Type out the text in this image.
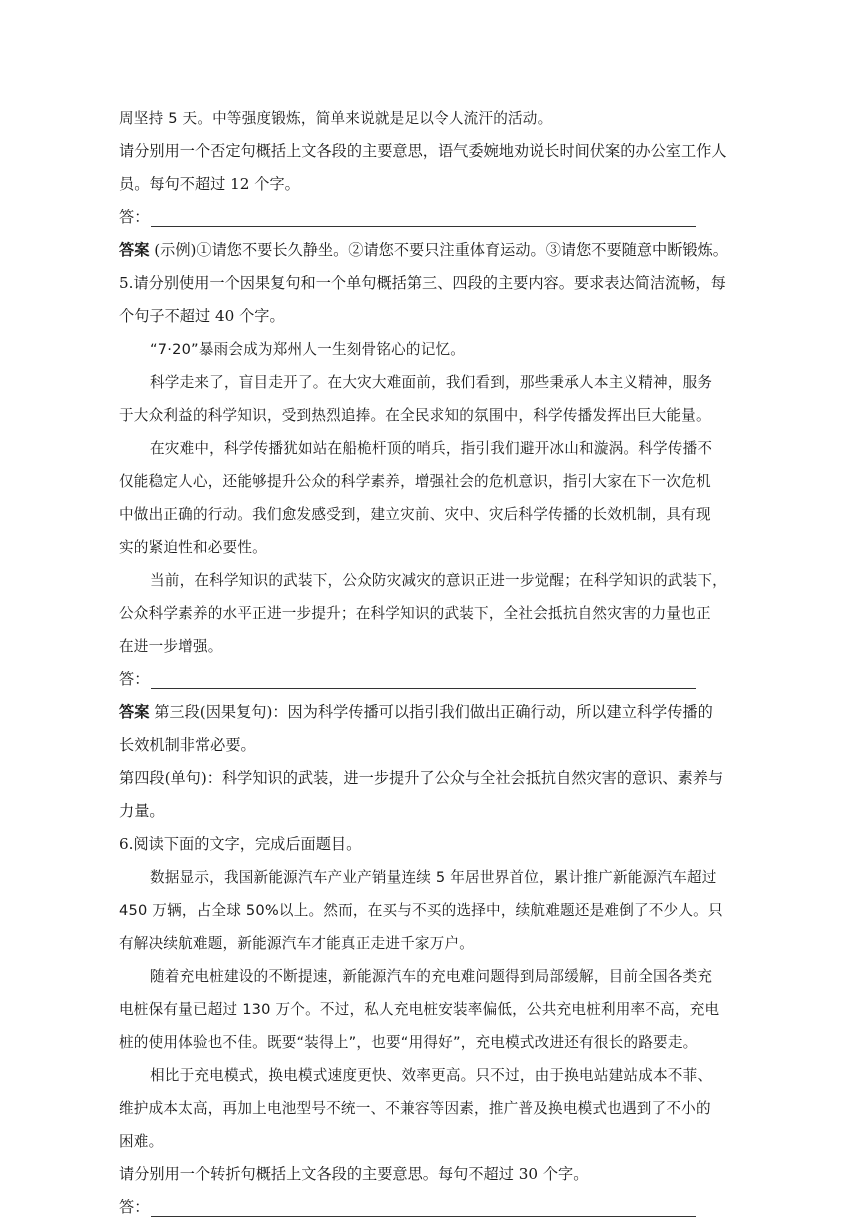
周坚持 5 天。中等强度锻炼，简单来说就是足以令人流汗的活动。
请分别用一个否定句概括上文各段的主要意思，语气委婉地劝说长时间伏案的办公室工作人
员。每句不超过 12 个字。
答：
答案 (示例)①请您不要长久静坐。②请您不要只注重体育运动。③请您不要随意中断锻炼。
5.请分别使用一个因果复句和一个单句概括第三、四段的主要内容。要求表达简洁流畅，每
个句子不超过 40 个字。
“7·20”暴雨会成为郑州人一生刻骨铭心的记忆。
科学走来了，盲目走开了。在大灾大难面前，我们看到，那些秉承人本主义精神，服务
于大众利益的科学知识，受到热烈追捧。在全民求知的氛围中，科学传播发挥出巨大能量。
在灾难中，科学传播犹如站在船桅杆顶的哨兵，指引我们避开冰山和漩涡。科学传播不
仅能稳定人心，还能够提升公众的科学素养，增强社会的危机意识，指引大家在下一次危机
中做出正确的行动。我们愈发感受到，建立灾前、灾中、灾后科学传播的长效机制，具有现
实的紧迫性和必要性。
当前，在科学知识的武装下，公众防灾减灾的意识正进一步觉醒；在科学知识的武装下，
公众科学素养的水平正进一步提升；在科学知识的武装下，全社会抵抗自然灾害的力量也正
在进一步增强。
答：
答案 第三段(因果复句)：因为科学传播可以指引我们做出正确行动，所以建立科学传播的
长效机制非常必要。
第四段(单句)：科学知识的武装，进一步提升了公众与全社会抵抗自然灾害的意识、素养与
力量。
6.阅读下面的文字，完成后面题目。
数据显示，我国新能源汽车产业产销量连续 5 年居世界首位，累计推广新能源汽车超过
450 万辆，占全球 50%以上。然而，在买与不买的选择中，续航难题还是难倒了不少人。只
有解决续航难题，新能源汽车才能真正走进千家万户。
随着充电桩建设的不断提速，新能源汽车的充电难问题得到局部缓解，目前全国各类充
电桩保有量已超过 130 万个。不过，私人充电桩安装率偏低，公共充电桩利用率不高，充电
桩的使用体验也不佳。既要“装得上”，也要“用得好”，充电模式改进还有很长的路要走。
相比于充电模式，换电模式速度更快、效率更高。只不过，由于换电站建站成本不菲、
维护成本太高，再加上电池型号不统一、不兼容等因素，推广普及换电模式也遇到了不小的
困难。
请分别用一个转折句概括上文各段的主要意思。每句不超过 30 个字。
答：
